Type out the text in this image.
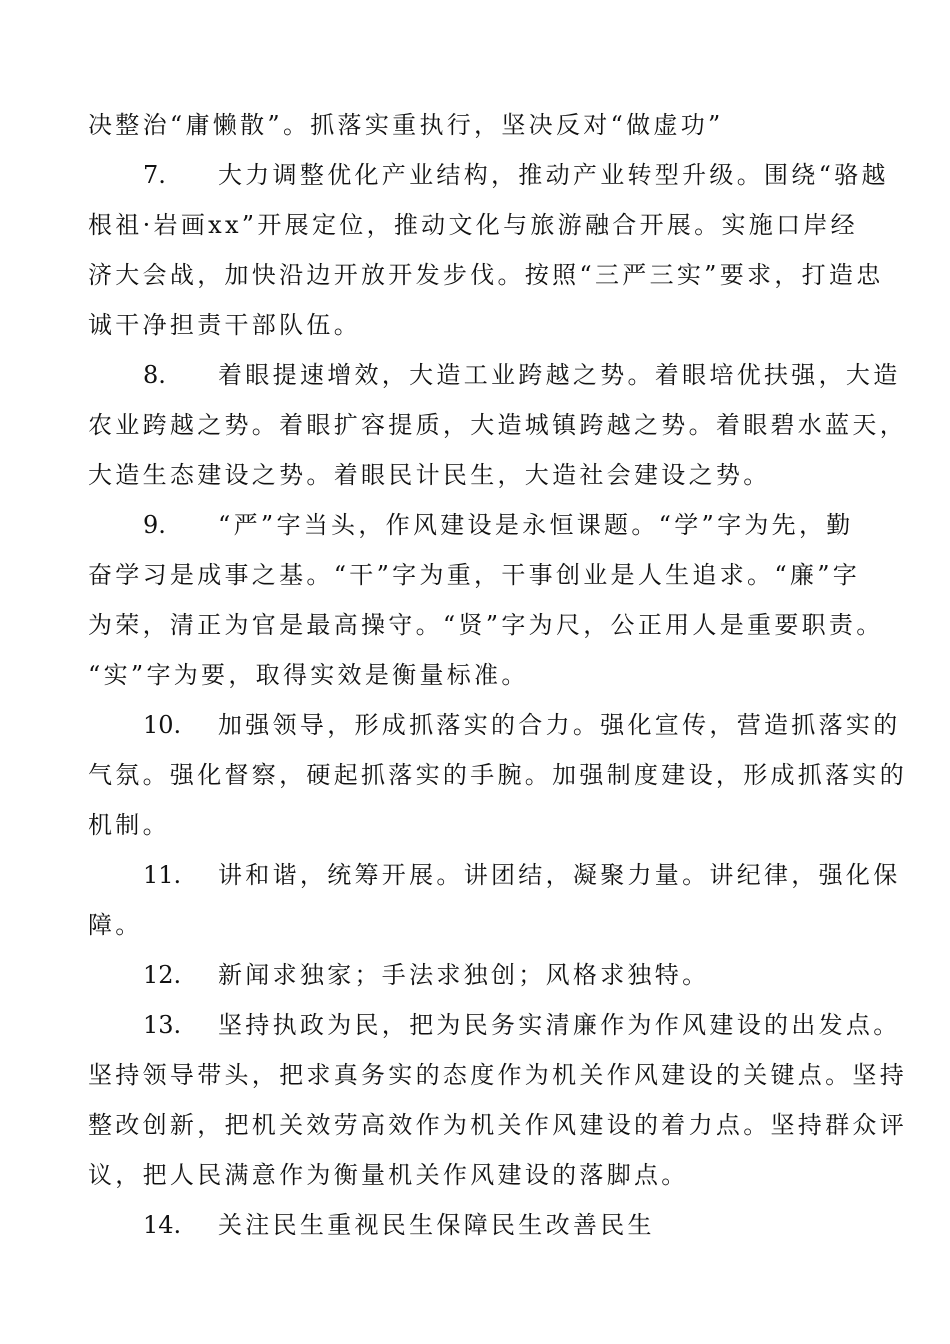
决整治“庸懒散”。抓落实重执行，坚决反对“做虚功”
7. 大力调整优化产业结构，推动产业转型升级。围绕“骆越
根祖·岩画xx”开展定位，推动文化与旅游融合开展。实施口岸经
济大会战，加快沿边开放开发步伐。按照“三严三实”要求，打造忠
诚干净担责干部队伍。
8. 着眼提速增效，大造工业跨越之势。着眼培优扶强，大造
农业跨越之势。着眼扩容提质，大造城镇跨越之势。着眼碧水蓝天，
大造生态建设之势。着眼民计民生，大造社会建设之势。
9. “严”字当头，作风建设是永恒课题。“学”字为先，勤
奋学习是成事之基。“干”字为重，干事创业是人生追求。“廉”字
为荣，清正为官是最高操守。“贤”字为尺，公正用人是重要职责。
“实”字为要，取得实效是衡量标准。
10. 加强领导，形成抓落实的合力。强化宣传，营造抓落实的
气氛。强化督察，硬起抓落实的手腕。加强制度建设，形成抓落实的
机制。
11. 讲和谐，统筹开展。讲团结，凝聚力量。讲纪律，强化保
障。
12. 新闻求独家；手法求独创；风格求独特。
13. 坚持执政为民，把为民务实清廉作为作风建设的出发点。
坚持领导带头，把求真务实的态度作为机关作风建设的关键点。坚持
整改创新，把机关效劳高效作为机关作风建设的着力点。坚持群众评
议，把人民满意作为衡量机关作风建设的落脚点。
14. 关注民生重视民生保障民生改善民生
